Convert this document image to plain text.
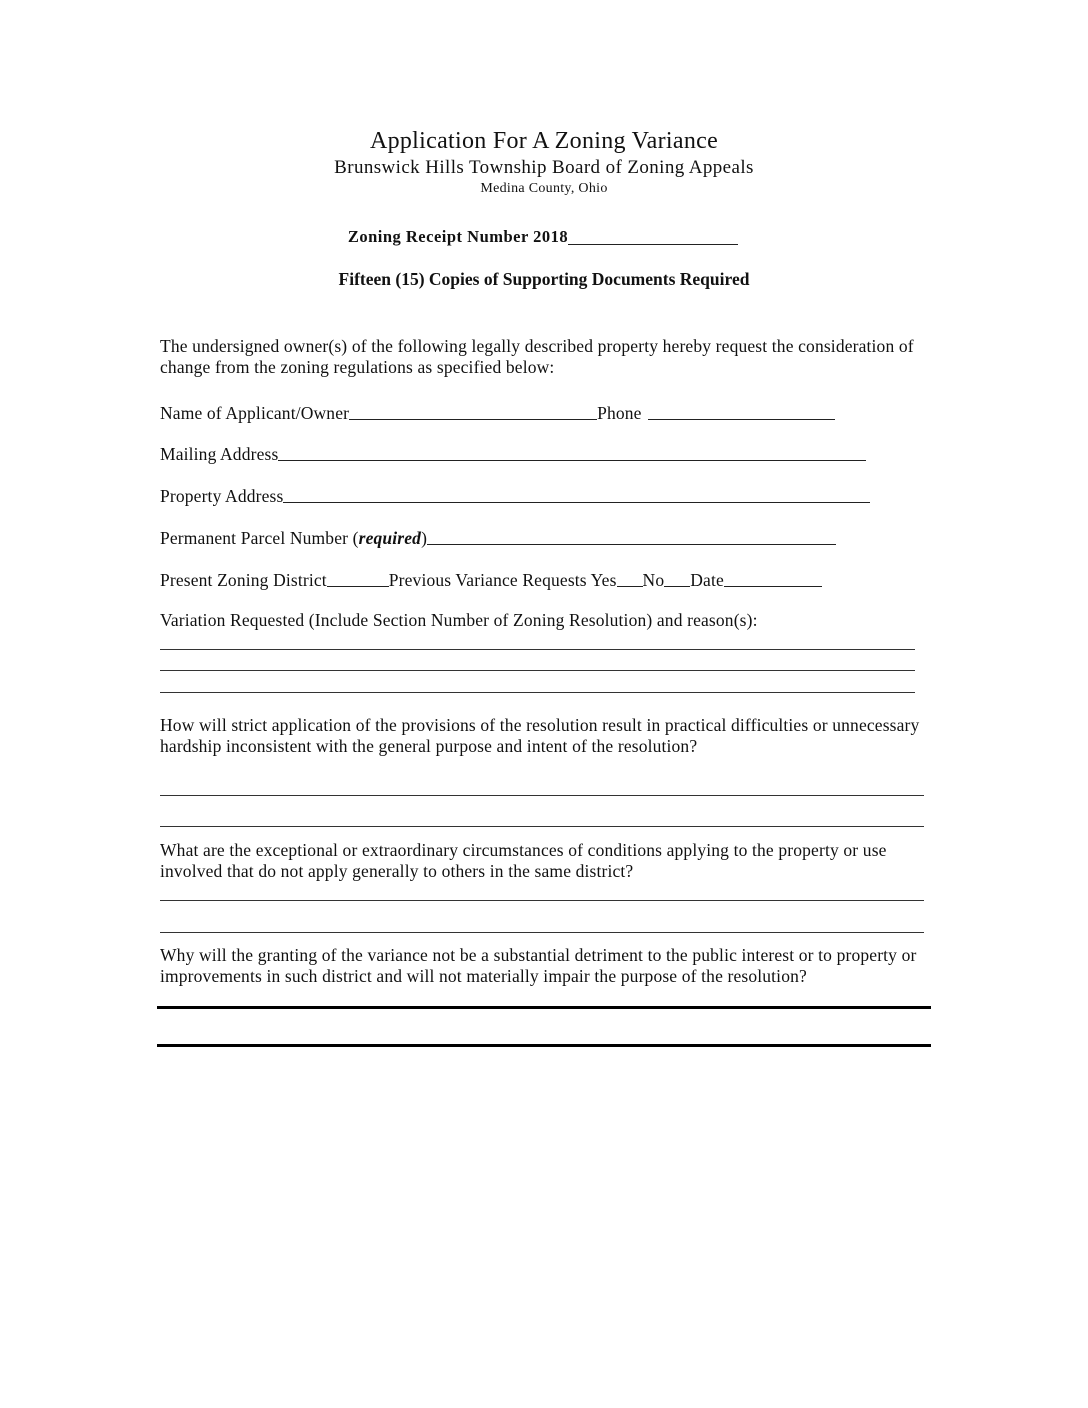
Application For A Zoning Variance
Brunswick Hills Township Board of Zoning Appeals
Medina County, Ohio
Zoning Receipt Number 2018
Fifteen (15) Copies of Supporting Documents Required
The undersigned owner(s) of the following legally described property hereby request the consideration of change from the zoning regulations as specified below:
Name of Applicant/Owner	Phone
Mailing Address
Property Address
Permanent Parcel Number ( required )
Present Zoning District	Previous Variance Requests Yes No Date
Variation Requested (Include Section Number of Zoning Resolution) and reason(s):
How will strict application of the provisions of the resolution result in practical difficulties or unnecessary hardship inconsistent with the general purpose and intent of the resolution?
What are the exceptional or extraordinary circumstances of conditions applying to the property or use involved that do not apply generally to others in the same district?
Why will the granting of the variance not be a substantial detriment to the public interest or to property or improvements in such district and will not materially impair the purpose of the resolution?
